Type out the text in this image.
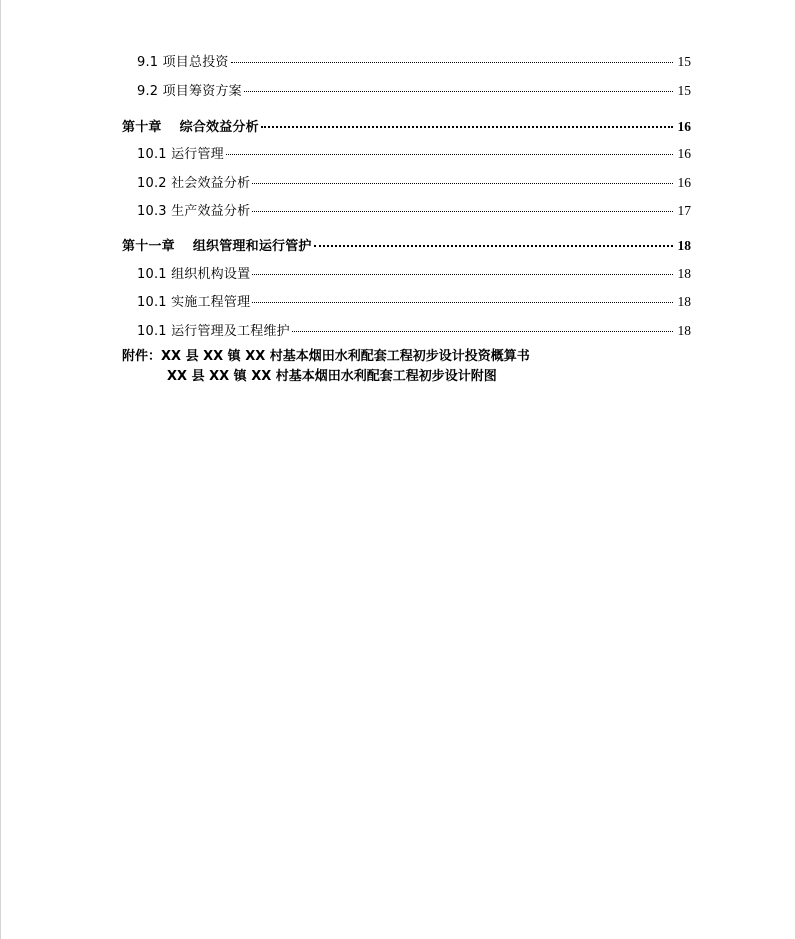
9.1 项目总投资	15
9.2 项目筹资方案	15
第十章 综合效益分析	16
10.1 运行管理	16
10.2 社会效益分析	16
10.3 生产效益分析	17
第十一章 组织管理和运行管护	18
10.1 组织机构设置	18
10.1 实施工程管理	18
10.1 运行管理及工程维护	18
附件：XX 县 XX 镇 XX 村基本烟田水利配套工程初步设计投资概算书
XX 县 XX 镇 XX 村基本烟田水利配套工程初步设计附图
